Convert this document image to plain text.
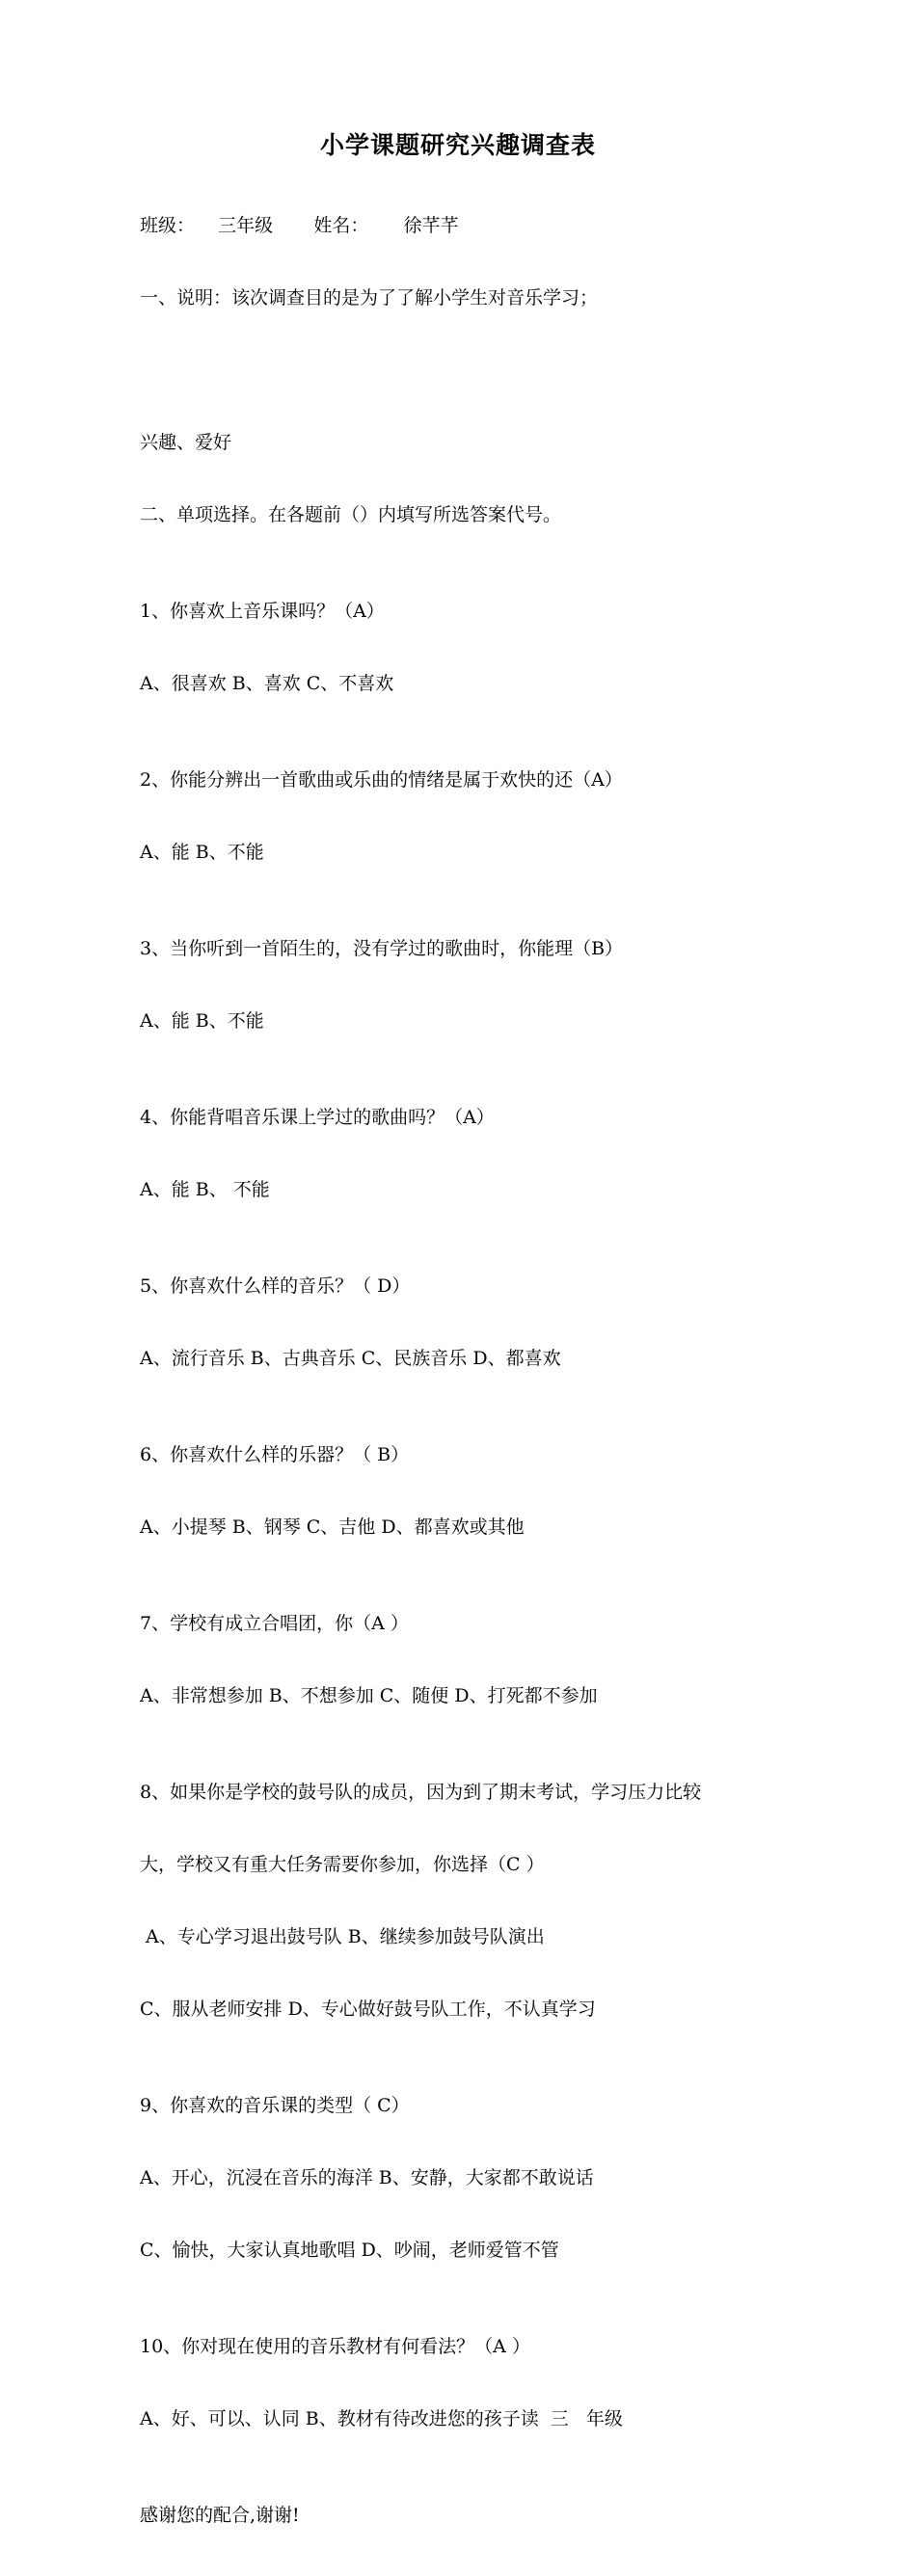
小学课题研究兴趣调查表

班级：    三年级       姓名：      徐芊芊

一、说明：该次调查目的是为了了解小学生对音乐学习；

兴趣、爱好

二、单项选择。在各题前（）内填写所选答案代号。

1、你喜欢上音乐课吗？（A）

A、很喜欢 B、喜欢 C、不喜欢

2、你能分辨出一首歌曲或乐曲的情绪是属于欢快的还（A）

A、能 B、不能

3、当你听到一首陌生的，没有学过的歌曲时，你能理（B）

A、能 B、不能

4、你能背唱音乐课上学过的歌曲吗？（A）

A、能 B、 不能

5、你喜欢什么样的音乐？（ D）

A、流行音乐 B、古典音乐 C、民族音乐 D、都喜欢

6、你喜欢什么样的乐器？（ B）

A、小提琴 B、钢琴 C、吉他 D、都喜欢或其他

7、学校有成立合唱团，你（A ）

A、非常想参加 B、不想参加 C、随便 D、打死都不参加

8、如果你是学校的鼓号队的成员，因为到了期末考试，学习压力比较

大，学校又有重大任务需要你参加，你选择（C ）

A、专心学习退出鼓号队 B、继续参加鼓号队演出

C、服从老师安排 D、专心做好鼓号队工作，不认真学习

9、你喜欢的音乐课的类型（ C）

A、开心，沉浸在音乐的海洋 B、安静，大家都不敢说话

C、愉快，大家认真地歌唱 D、吵闹，老师爱管不管

10、你对现在使用的音乐教材有何看法？（A ）

A、好、可以、认同 B、教材有待改进您的孩子读  三   年级

感谢您的配合,谢谢!
